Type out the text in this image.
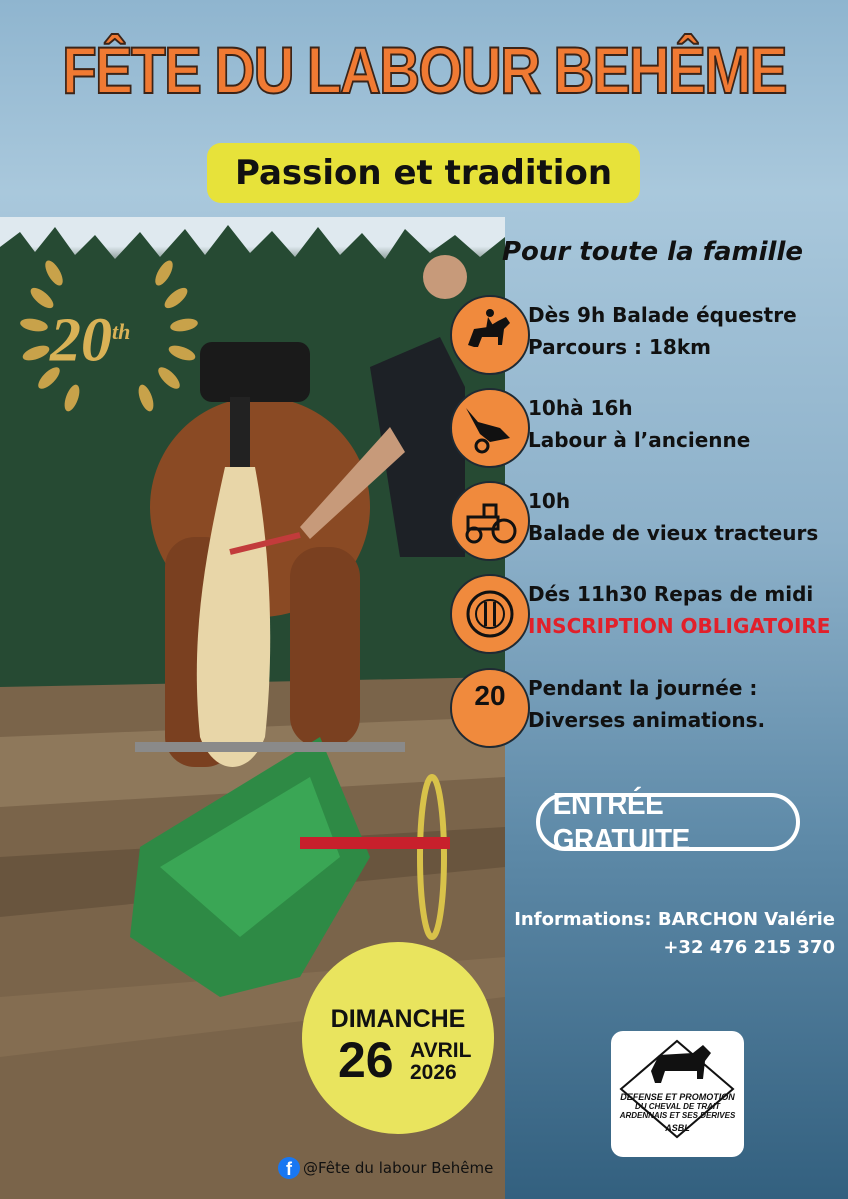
20th
FÊTE DU LABOUR BEHÊME
Passion et tradition
Pour toute la famille
Dès 9h Balade équestre
Parcours : 18km
10hà 16h
Labour à l’ancienne
10h
Balade de vieux tracteurs
Dés 11h30 Repas de midi
INSCRIPTION OBLIGATOIRE
20	Pendant la journée :
Diverses animations.
ENTRÉE GRATUITE
Informations: BARCHON Valérie
+32 476 215 370
DIMANCHE
26 AVRIL
2026
DEFENSE ET PROMOTION
DU CHEVAL DE TRAIT
ARDENNAIS ET SES DERIVES
ASBL
f @Fête du labour Behême
